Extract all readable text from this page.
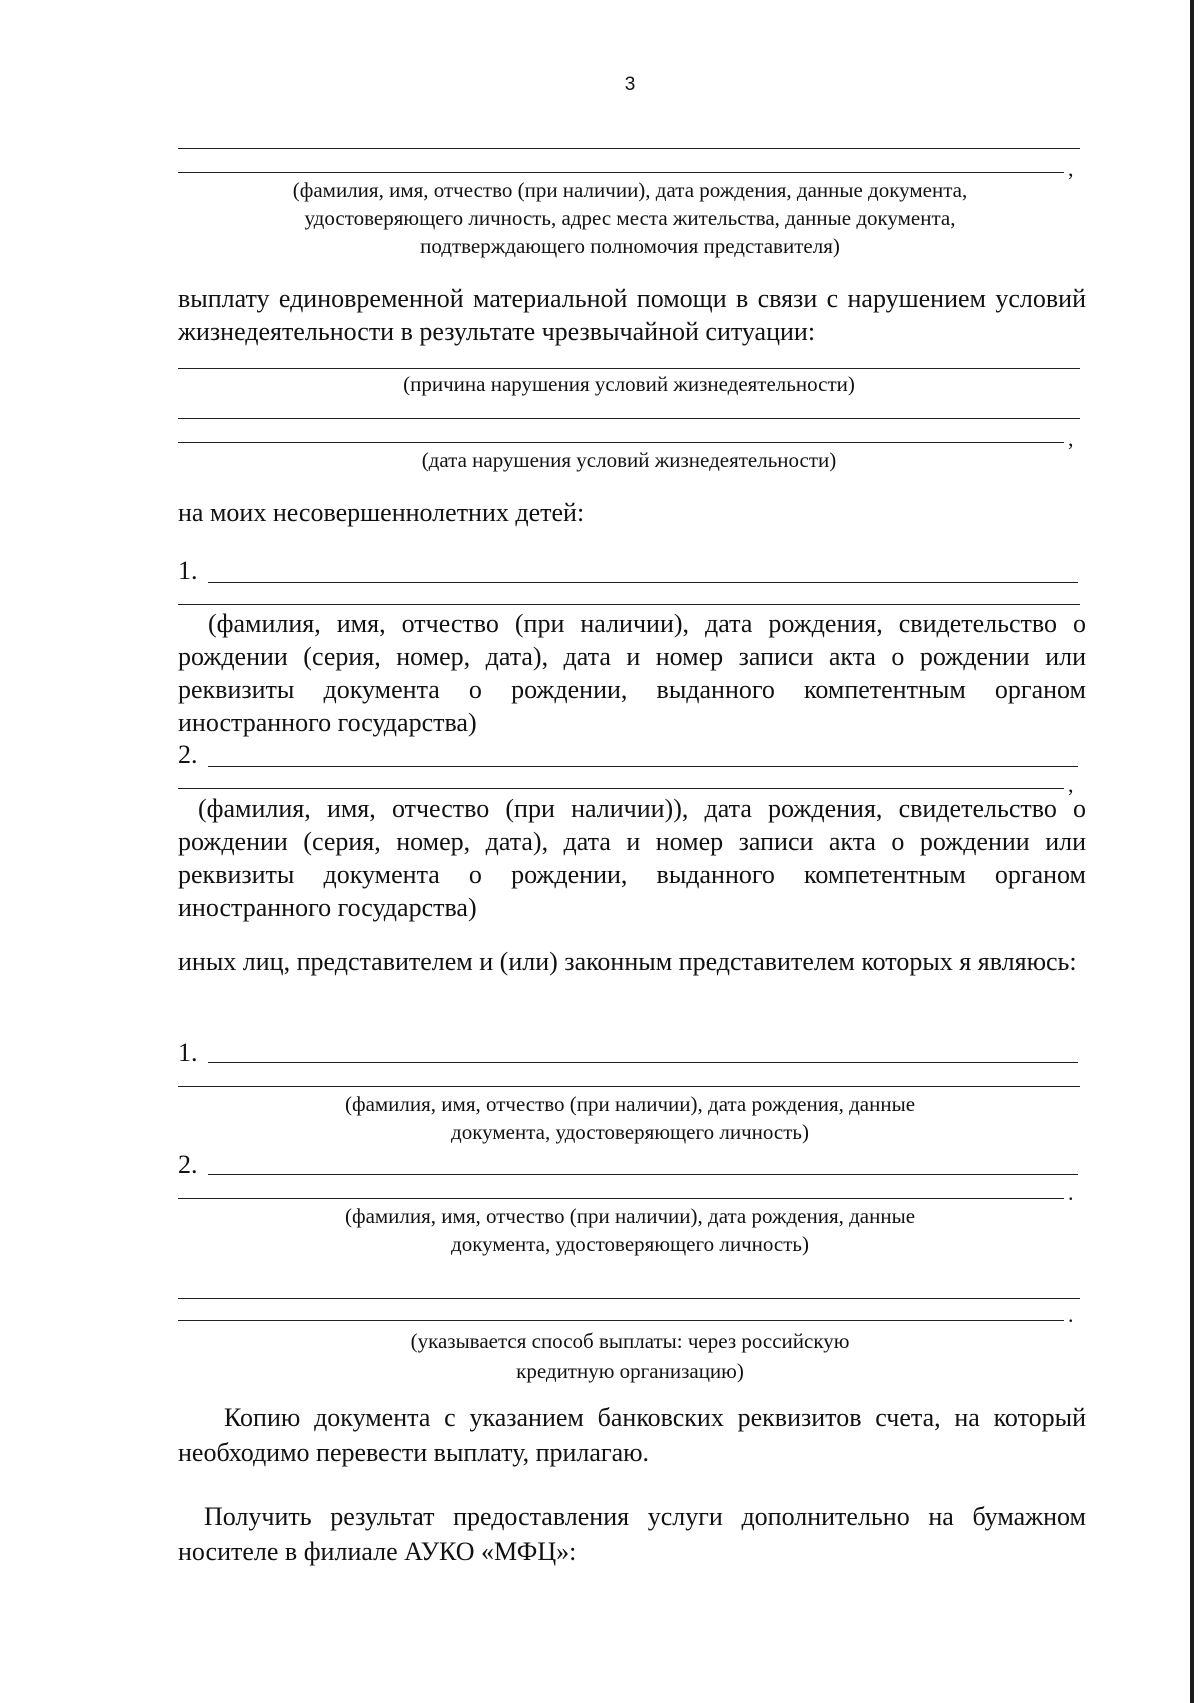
3
,
(фамилия, имя, отчество (при наличии), дата рождения, данные документа, удостоверяющего личность, адрес места жительства, данные документа, подтверждающего полномочия представителя)
выплату единовременной материальной помощи в связи с нарушением условий жизнедеятельности в результате чрезвычайной ситуации:
(причина нарушения условий жизнедеятельности)
,
(дата нарушения условий жизнедеятельности)
на моих несовершеннолетних детей:
1.
(фамилия, имя, отчество (при наличии), дата рождения, свидетельство о рождении (серия, номер, дата), дата и номер записи акта о рождении или реквизиты документа о рождении, выданного компетентным органом иностранного государства)
2.
,
(фамилия, имя, отчество (при наличии)), дата рождения, свидетельство о рождении (серия, номер, дата), дата и номер записи акта о рождении или реквизиты документа о рождении, выданного компетентным органом иностранного государства)
иных лиц, представителем и (или) законным представителем которых я являюсь:
1.
(фамилия, имя, отчество (при наличии), дата рождения, данные документа, удостоверяющего личность)
2.
.
(фамилия, имя, отчество (при наличии), дата рождения, данные документа, удостоверяющего личность)
.
(указывается способ выплаты: через российскую кредитную организацию)
Копию документа с указанием банковских реквизитов счета, на который необходимо перевести выплату, прилагаю.
Получить результат предоставления услуги дополнительно на бумажном носителе в филиале АУКО «МФЦ»:
